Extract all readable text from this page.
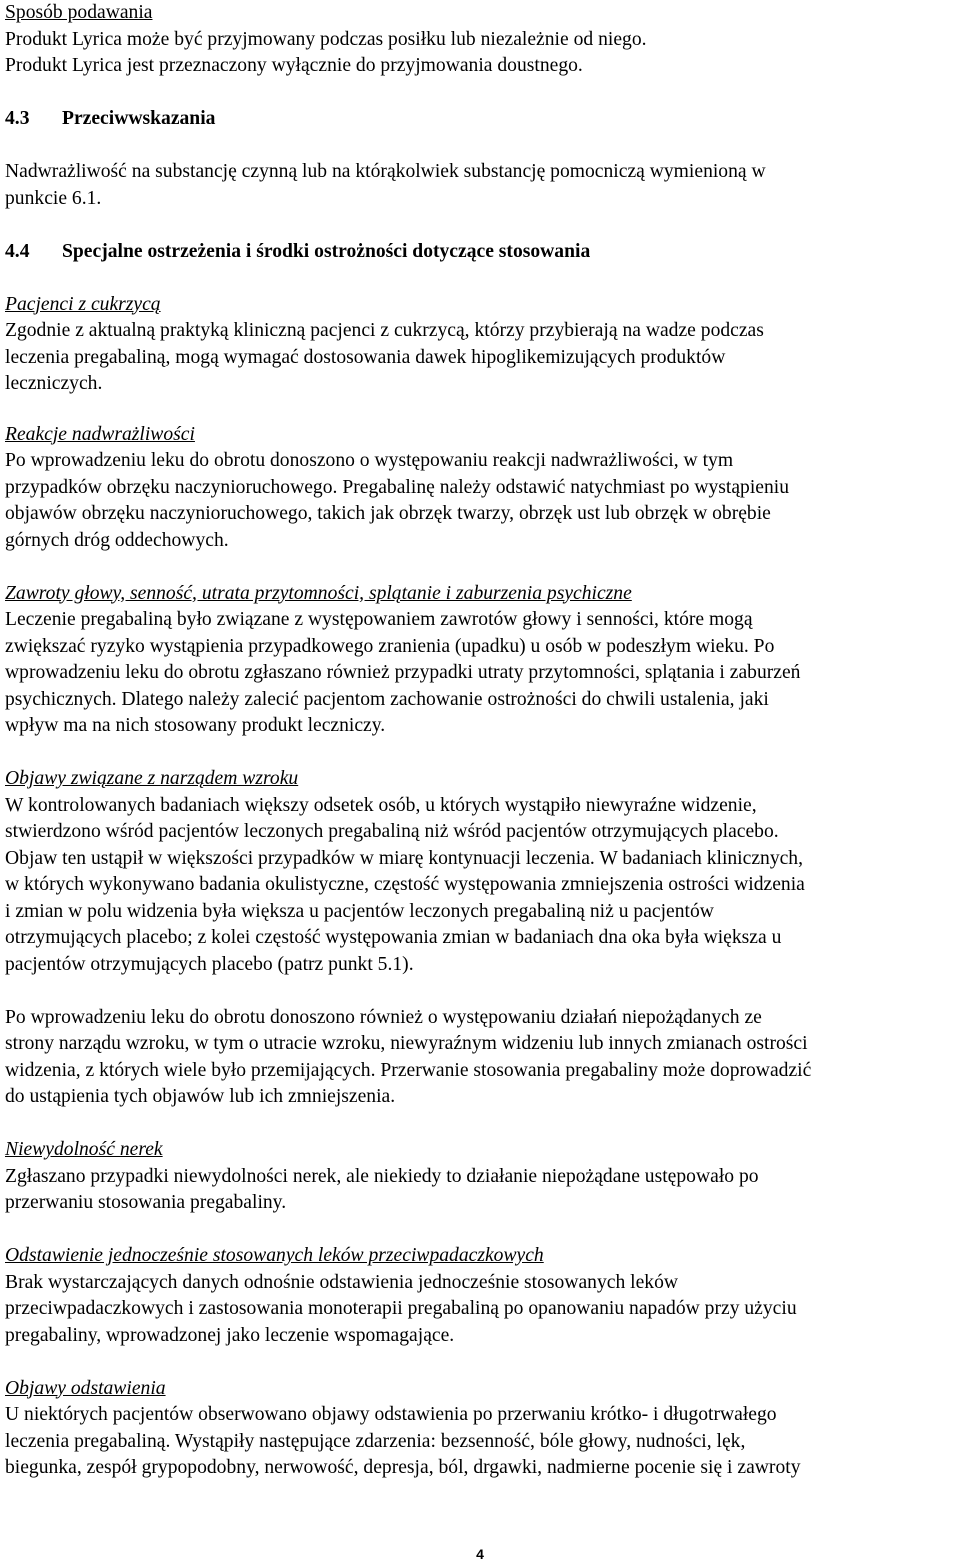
Sposób podawania

Produkt Lyrica może być przyjmowany podczas posiłku lub niezależnie od niego.

Produkt Lyrica jest przeznaczony wyłącznie do przyjmowania doustnego.

4.3	Przeciwwskazania

Nadwrażliwość na substancję czynną lub na którąkolwiek substancję pomocniczą wymienioną w

punkcie 6.1.

4.4	Specjalne ostrzeżenia i środki ostrożności dotyczące stosowania

Pacjenci z cukrzycą

Zgodnie z aktualną praktyką kliniczną pacjenci z cukrzycą, którzy przybierają na wadze podczas

leczenia pregabaliną, mogą wymagać dostosowania dawek hipoglikemizujących produktów

leczniczych.

Reakcje nadwrażliwości

Po wprowadzeniu leku do obrotu donoszono o występowaniu reakcji nadwrażliwości, w tym

przypadków obrzęku naczynioruchowego. Pregabalinę należy odstawić natychmiast po wystąpieniu

objawów obrzęku naczynioruchowego, takich jak obrzęk twarzy, obrzęk ust lub obrzęk w obrębie

górnych dróg oddechowych.

Zawroty głowy, senność, utrata przytomności, splątanie i zaburzenia psychiczne

Leczenie pregabaliną było związane z występowaniem zawrotów głowy i senności, które mogą

zwiększać ryzyko wystąpienia przypadkowego zranienia (upadku) u osób w podeszłym wieku. Po

wprowadzeniu leku do obrotu zgłaszano również przypadki utraty przytomności, splątania i zaburzeń

psychicznych. Dlatego należy zalecić pacjentom zachowanie ostrożności do chwili ustalenia, jaki

wpływ ma na nich stosowany produkt leczniczy.

Objawy związane z narządem wzroku

W kontrolowanych badaniach większy odsetek osób, u których wystąpiło niewyraźne widzenie,

stwierdzono wśród pacjentów leczonych pregabaliną niż wśród pacjentów otrzymujących placebo.

Objaw ten ustąpił w większości przypadków w miarę kontynuacji leczenia. W badaniach klinicznych,

w których wykonywano badania okulistyczne, częstość występowania zmniejszenia ostrości widzenia

i zmian w polu widzenia była większa u pacjentów leczonych pregabaliną niż u pacjentów

otrzymujących placebo; z kolei częstość występowania zmian w badaniach dna oka była większa u

pacjentów otrzymujących placebo (patrz punkt 5.1).

Po wprowadzeniu leku do obrotu donoszono również o występowaniu działań niepożądanych ze

strony narządu wzroku, w tym o utracie wzroku, niewyraźnym widzeniu lub innych zmianach ostrości

widzenia, z których wiele było przemijających. Przerwanie stosowania pregabaliny może doprowadzić

do ustąpienia tych objawów lub ich zmniejszenia.

Niewydolność nerek

Zgłaszano przypadki niewydolności nerek, ale niekiedy to działanie niepożądane ustępowało po

przerwaniu stosowania pregabaliny.

Odstawienie jednocześnie stosowanych leków przeciwpadaczkowych

Brak wystarczających danych odnośnie odstawienia jednocześnie stosowanych leków

przeciwpadaczkowych i zastosowania monoterapii pregabaliną po opanowaniu napadów przy użyciu

pregabaliny, wprowadzonej jako leczenie wspomagające.

Objawy odstawienia

U niektórych pacjentów obserwowano objawy odstawienia po przerwaniu krótko- i długotrwałego

leczenia pregabaliną. Wystąpiły następujące zdarzenia: bezsenność, bóle głowy, nudności, lęk,

biegunka, zespół grypopodobny, nerwowość, depresja, ból, drgawki, nadmierne pocenie się i zawroty

4
